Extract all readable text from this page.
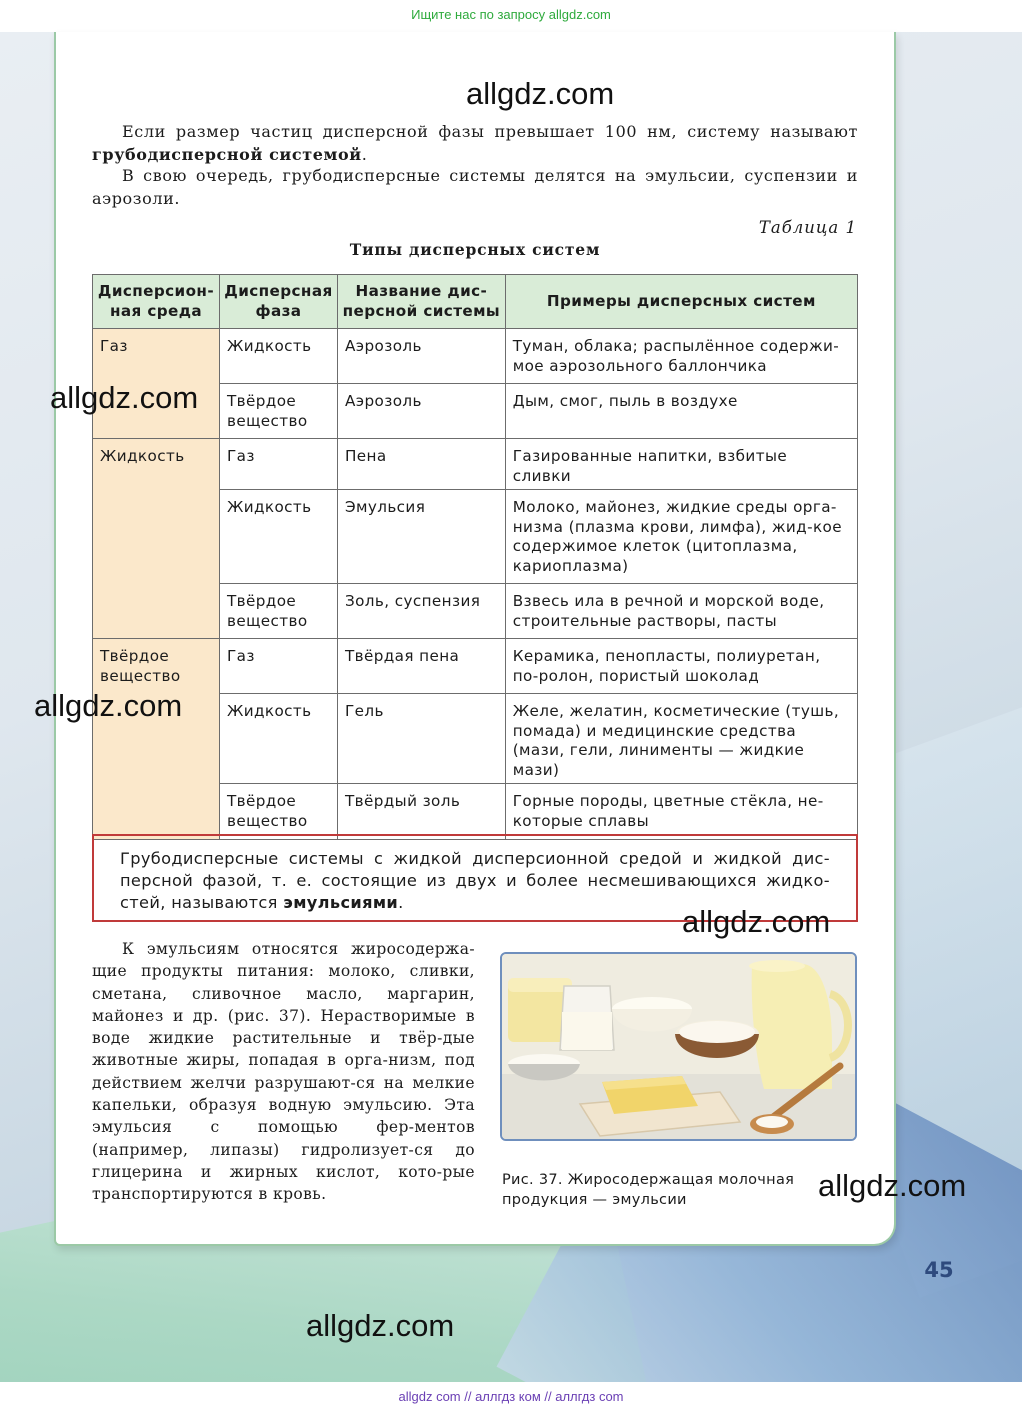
Ищите нас по запросу allgdz.com
allgdz.com
Если размер частиц дисперсной фазы превышает 100 нм, систему называют грубодисперсной системой.
В свою очередь, грубодисперсные системы делятся на эмульсии, суспензии и аэрозоли.
Таблица 1
Типы дисперсных систем
Дисперсион-ная среда	Дисперсная фаза	Название дис-персной системы	Примеры дисперсных систем
Газ	Жидкость	Аэрозоль	Туман, облака; распылённое содержи-мое аэрозольного баллончика
	Твёрдое вещество	Аэрозоль	Дым, смог, пыль в воздухе
Жидкость	Газ	Пена	Газированные напитки, взбитые сливки
	Жидкость	Эмульсия	Молоко, майонез, жидкие среды орга-низма (плазма крови, лимфа), жид-кое содержимое клеток (цитоплазма, кариоплазма)
	Твёрдое вещество	Золь, суспензия	Взвесь ила в речной и морской воде, строительные растворы, пасты
Твёрдое вещество	Газ	Твёрдая пена	Керамика, пенопласты, полиуретан, по-ролон, пористый шоколад
	Жидкость	Гель	Желе, желатин, косметические (тушь, помада) и медицинские средства (мази, гели, линименты — жидкие мази)
	Твёрдое вещество	Твёрдый золь	Горные породы, цветные стёкла, не-которые сплавы
allgdz.com
allgdz.com
Грубодисперсные системы с жидкой дисперсионной средой и жидкой дис-персной фазой, т. е. состоящие из двух и более несмешивающихся жидко-стей, называются эмульсиями.
allgdz.com
К эмульсиям относятся жиросодержа-щие продукты питания: молоко, сливки, сметана, сливочное масло, маргарин, майонез и др. (рис. 37). Нерастворимые в воде жидкие растительные и твёр-дые животные жиры, попадая в орга-низм, под действием желчи разрушают-ся на мелкие капельки, образуя водную эмульсию. Эта эмульсия с помощью фер-ментов (например, липазы) гидролизует-ся до глицерина и жирных кислот, кото-рые транспортируются в кровь.
Рис. 37. Жиросодержащая молочная продукция — эмульсии	allgdz.com
45
allgdz.com
allgdz com // аллгдз ком // аллгдз com
